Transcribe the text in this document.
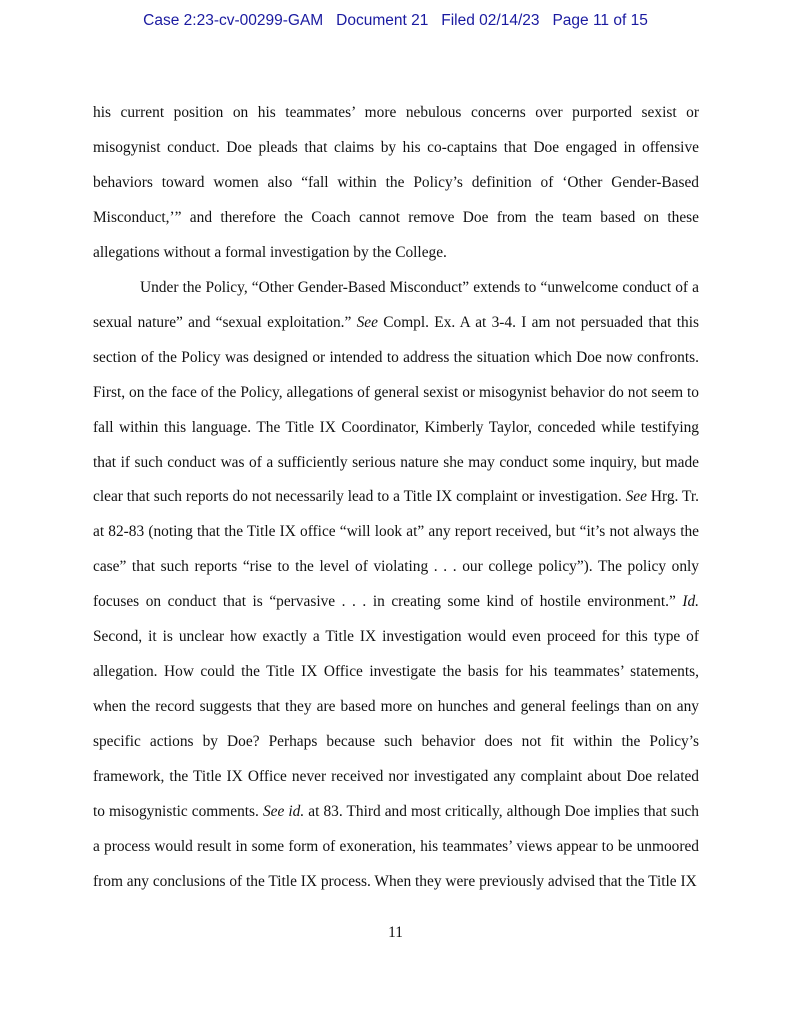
Case 2:23-cv-00299-GAM Document 21 Filed 02/14/23 Page 11 of 15

his current position on his teammates’ more nebulous concerns over purported sexist or misogynist conduct. Doe pleads that claims by his co-captains that Doe engaged in offensive behaviors toward women also “fall within the Policy’s definition of ‘Other Gender-Based Misconduct,’” and therefore the Coach cannot remove Doe from the team based on these allegations without a formal investigation by the College.

Under the Policy, “Other Gender-Based Misconduct” extends to “unwelcome conduct of a sexual nature” and “sexual exploitation.” See Compl. Ex. A at 3-4. I am not persuaded that this section of the Policy was designed or intended to address the situation which Doe now confronts. First, on the face of the Policy, allegations of general sexist or misogynist behavior do not seem to fall within this language. The Title IX Coordinator, Kimberly Taylor, conceded while testifying that if such conduct was of a sufficiently serious nature she may conduct some inquiry, but made clear that such reports do not necessarily lead to a Title IX complaint or investigation. See Hrg. Tr. at 82-83 (noting that the Title IX office “will look at” any report received, but “it’s not always the case” that such reports “rise to the level of violating . . . our college policy”). The policy only focuses on conduct that is “pervasive . . . in creating some kind of hostile environment.” Id. Second, it is unclear how exactly a Title IX investigation would even proceed for this type of allegation. How could the Title IX Office investigate the basis for his teammates’ statements, when the record suggests that they are based more on hunches and general feelings than on any specific actions by Doe? Perhaps because such behavior does not fit within the Policy’s framework, the Title IX Office never received nor investigated any complaint about Doe related to misogynistic comments. See id. at 83. Third and most critically, although Doe implies that such a process would result in some form of exoneration, his teammates’ views appear to be unmoored from any conclusions of the Title IX process. When they were previously advised that the Title IX

11
